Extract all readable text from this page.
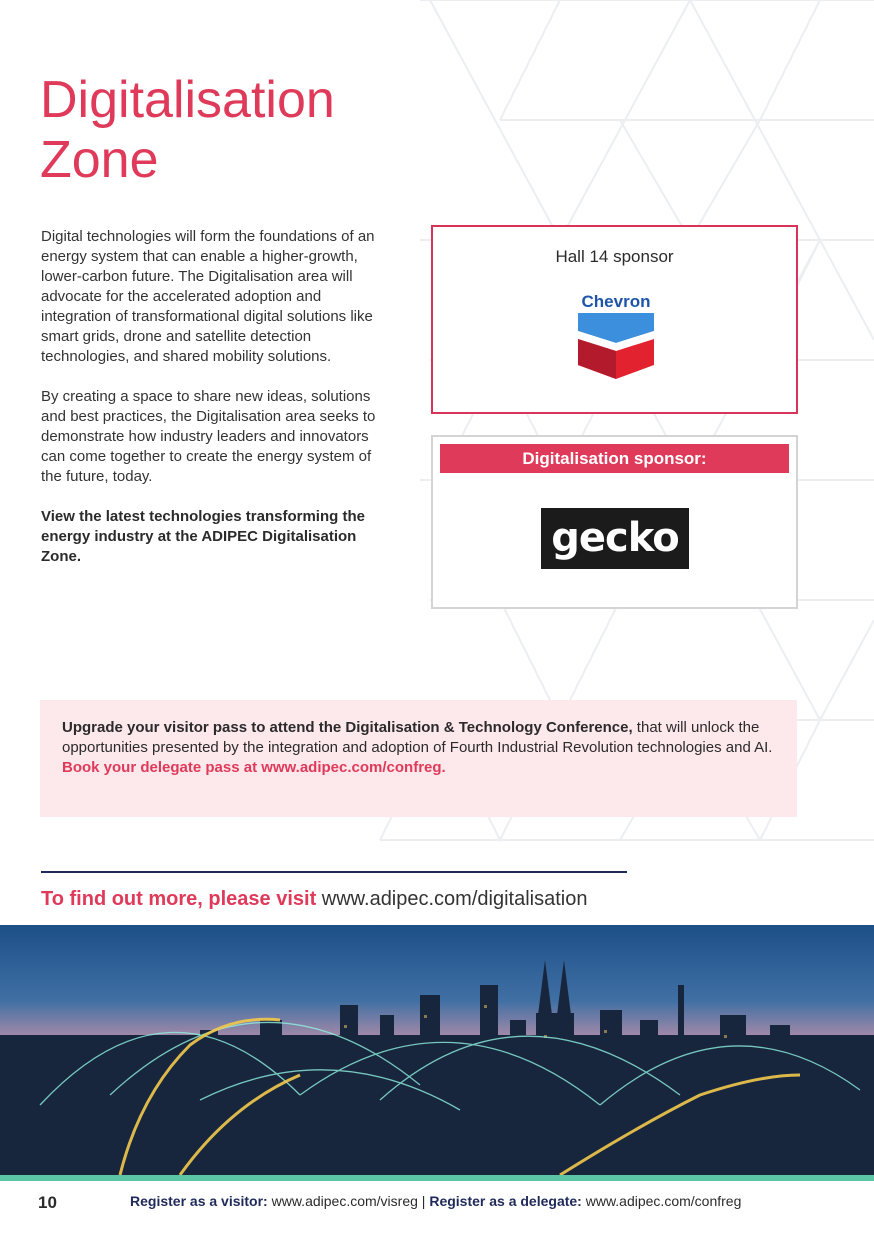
Digitalisation
Zone

Digital technologies will form the foundations of an energy system that can enable a higher-growth, lower-carbon future. The Digitalisation area will advocate for the accelerated adoption and integration of transformational digital solutions like smart grids, drone and satellite detection technologies, and shared mobility solutions.

By creating a space to share new ideas, solutions and best practices, the Digitalisation area seeks to demonstrate how industry leaders and innovators can come together to create the energy system of the future, today.

View the latest technologies transforming the energy industry at the ADIPEC Digitalisation Zone.

Hall 14 sponsor
Chevron
Digitalisation sponsor:
gecko
Upgrade your visitor pass to attend the Digitalisation & Technology Conference, that will unlock the opportunities presented by the integration and adoption of Fourth Industrial Revolution technologies and AI.
Book your delegate pass at www.adipec.com/confreg.
To find out more, please visit www.adipec.com/digitalisation
10	Register as a visitor: www.adipec.com/visreg | Register as a delegate: www.adipec.com/confreg
